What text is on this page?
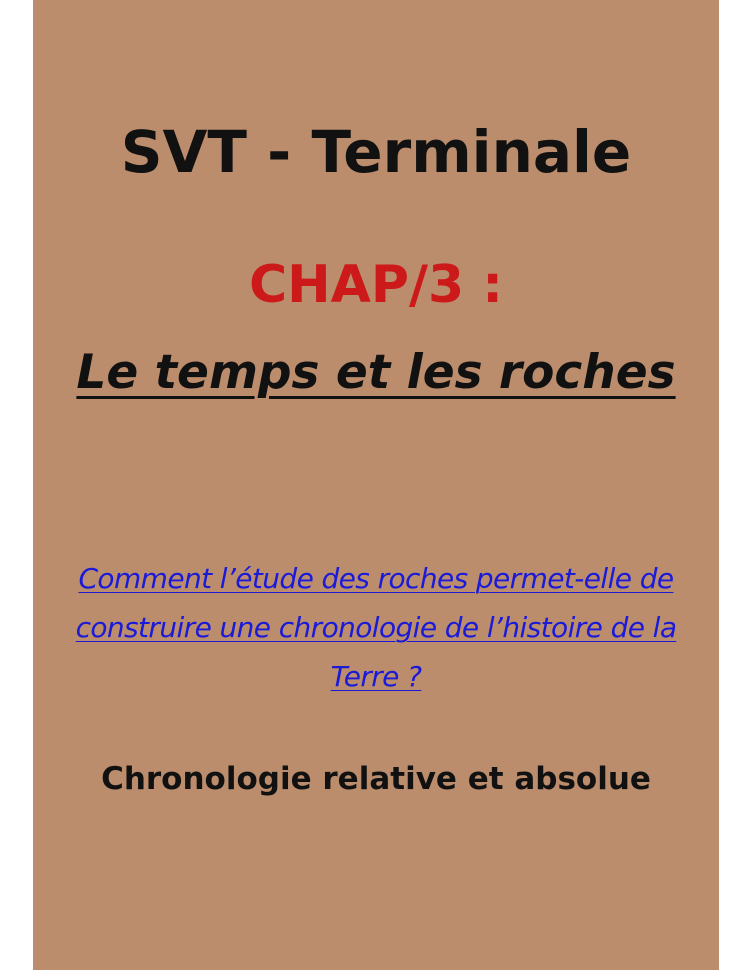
SVT - Terminale
CHAP/3 :
Le temps et les roches

Comment l’étude des roches permet-elle de construire une chronologie de l’histoire de la Terre ?

Chronologie relative et absolue
